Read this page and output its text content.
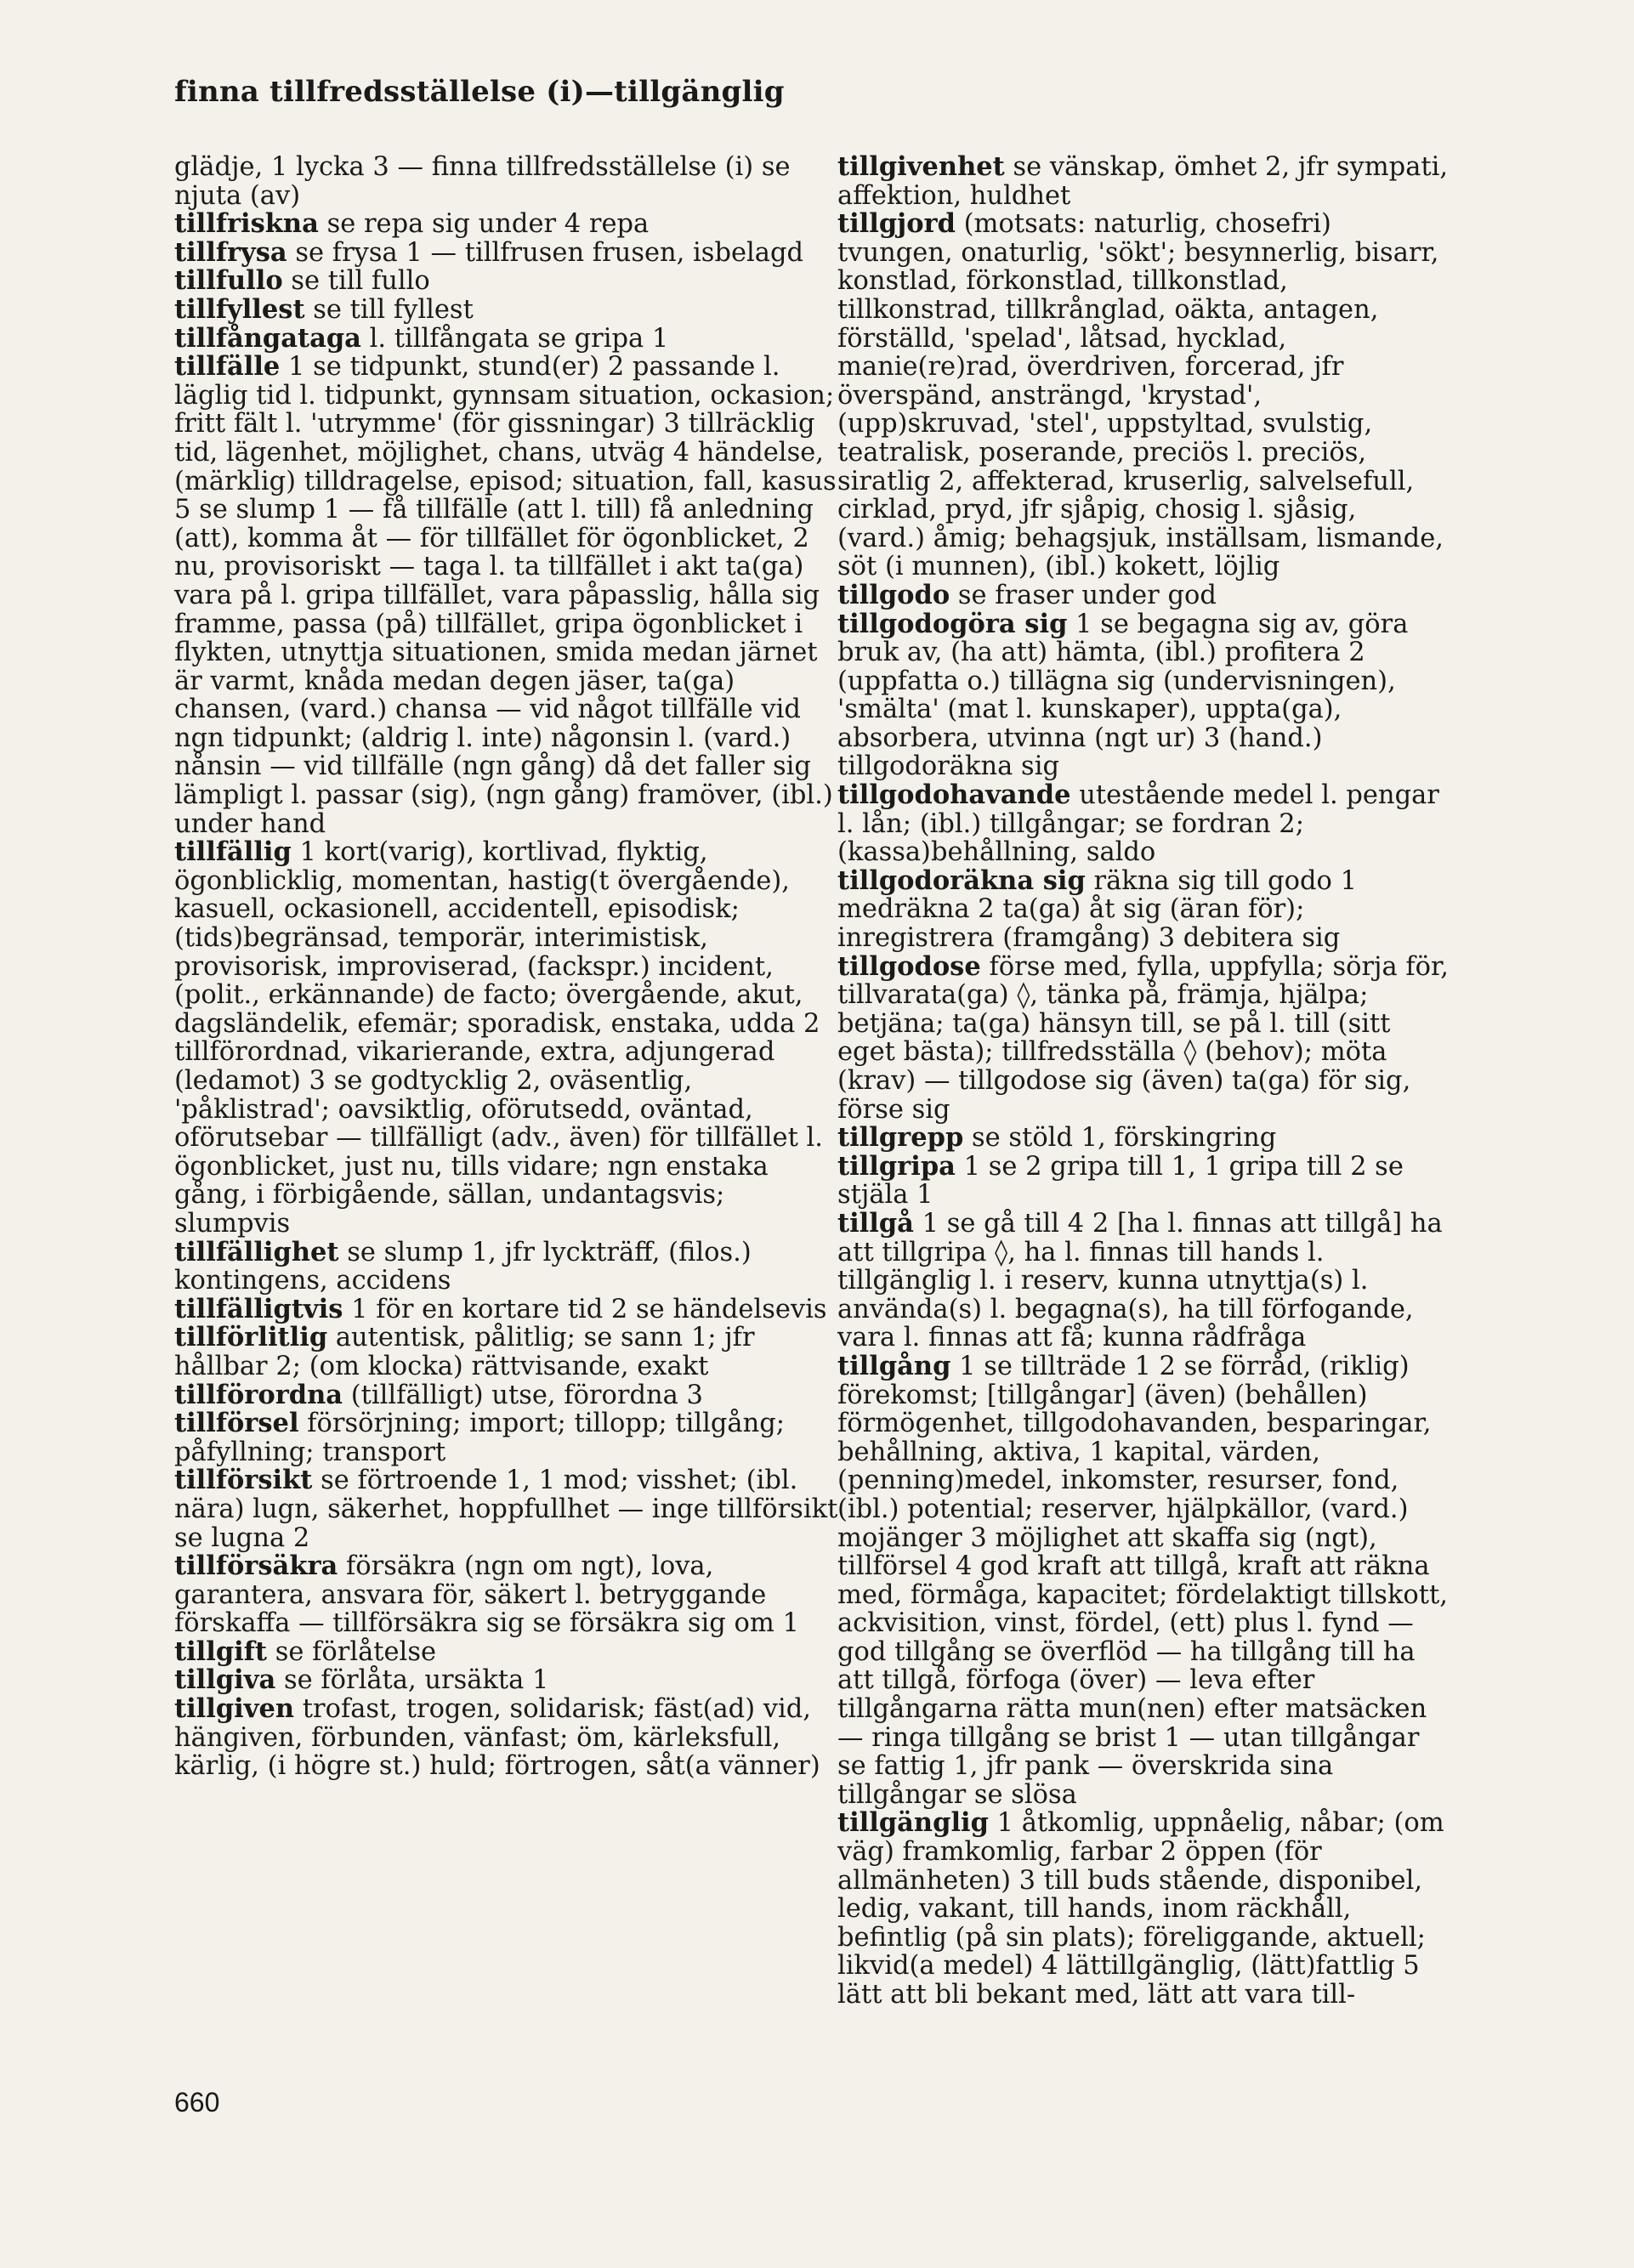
finna tillfredsställelse (i)—tillgänglig
glädje, 1 lycka 3 — finna tillfredsställelse (i) se njuta (av)
tillfriskna se repa sig under 4 repa
tillfrysa se frysa 1 — tillfrusen frusen, isbelagd
tillfullo se till fullo
tillfyllest se till fyllest
tillfångataga l. tillfångata se gripa 1
tillfälle 1 se tidpunkt, stund(er) 2 passande l. läglig tid l. tidpunkt, gynnsam situation, ockasion; fritt fält l. 'utrymme' (för gissningar) 3 tillräcklig tid, lägenhet, möjlighet, chans, utväg 4 händelse, (märklig) tilldragelse, episod; situation, fall, kasus 5 se slump 1 — få tillfälle (att l. till) få anledning (att), komma åt — för tillfället för ögonblicket, 2 nu, provisoriskt — taga l. ta tillfället i akt ta(ga) vara på l. gripa tillfället, vara påpasslig, hålla sig framme, passa (på) tillfället, gripa ögonblicket i flykten, utnyttja situationen, smida medan järnet är varmt, knåda medan degen jäser, ta(ga) chansen, (vard.) chansa — vid något tillfälle vid ngn tidpunkt; (aldrig l. inte) någonsin l. (vard.) nånsin — vid tillfälle (ngn gång) då det faller sig lämpligt l. passar (sig), (ngn gång) framöver, (ibl.) under hand
tillfällig 1 kort(varig), kortlivad, flyktig, ögonblicklig, momentan, hastig(t övergående), kasuell, ockasionell, accidentell, episodisk; (tids)begränsad, temporär, interimistisk, provisorisk, improviserad, (fackspr.) incident, (polit., erkännande) de facto; övergående, akut, dagsländelik, efemär; sporadisk, enstaka, udda 2 tillförordnad, vikarierande, extra, adjungerad (ledamot) 3 se godtycklig 2, oväsentlig, 'påklistrad'; oavsiktlig, oförutsedd, oväntad, oförutsebar — tillfälligt (adv., även) för tillfället l. ögonblicket, just nu, tills vidare; ngn enstaka gång, i förbigående, sällan, undantagsvis; slumpvis
tillfällighet se slump 1, jfr lyckträff, (filos.) kontingens, accidens
tillfälligtvis 1 för en kortare tid 2 se händelsevis
tillförlitlig autentisk, pålitlig; se sann 1; jfr hållbar 2; (om klocka) rättvisande, exakt
tillförordna (tillfälligt) utse, förordna 3
tillförsel försörjning; import; tillopp; tillgång; påfyllning; transport
tillförsikt se förtroende 1, 1 mod; visshet; (ibl. nära) lugn, säkerhet, hoppfullhet — inge tillförsikt se lugna 2
tillförsäkra försäkra (ngn om ngt), lova, garantera, ansvara för, säkert l. betryggande förskaffa — tillförsäkra sig se försäkra sig om 1
tillgift se förlåtelse
tillgiva se förlåta, ursäkta 1
tillgiven trofast, trogen, solidarisk; fäst(ad) vid, hängiven, förbunden, vänfast; öm, kärleksfull, kärlig, (i högre st.) huld; förtrogen, såt(a vänner)
tillgivenhet se vänskap, ömhet 2, jfr sympati, affektion, huldhet
tillgjord (motsats: naturlig, chosefri) tvungen, onaturlig, 'sökt'; besynnerlig, bisarr, konstlad, förkonstlad, tillkonstlad, tillkonstrad, tillkrånglad, oäkta, antagen, förställd, 'spelad', låtsad, hycklad, manie(re)rad, överdriven, forcerad, jfr överspänd, ansträngd, 'krystad', (upp)skruvad, 'stel', uppstyltad, svulstig, teatralisk, poserande, preciös l. preciös, siratlig 2, affekterad, kruserlig, salvelsefull, cirklad, pryd, jfr sjåpig, chosig l. sjåsig, (vard.) åmig; behagsjuk, inställsam, lismande, söt (i munnen), (ibl.) kokett, löjlig
tillgodo se fraser under god
tillgodogöra sig 1 se begagna sig av, göra bruk av, (ha att) hämta, (ibl.) profitera 2 (uppfatta o.) tillägna sig (undervisningen), 'smälta' (mat l. kunskaper), uppta(ga), absorbera, utvinna (ngt ur) 3 (hand.) tillgodoräkna sig
tillgodohavande utestående medel l. pengar l. lån; (ibl.) tillgångar; se fordran 2; (kassa)behållning, saldo
tillgodoräkna sig räkna sig till godo 1 medräkna 2 ta(ga) åt sig (äran för); inregistrera (framgång) 3 debitera sig
tillgodose förse med, fylla, uppfylla; sörja för, tillvarata(ga) ◊, tänka på, främja, hjälpa; betjäna; ta(ga) hänsyn till, se på l. till (sitt eget bästa); tillfredsställa ◊ (behov); möta (krav) — tillgodose sig (även) ta(ga) för sig, förse sig
tillgrepp se stöld 1, förskingring
tillgripa 1 se 2 gripa till 1, 1 gripa till 2 se stjäla 1
tillgå 1 se gå till 4 2 [ha l. finnas att tillgå] ha att tillgripa ◊, ha l. finnas till hands l. tillgänglig l. i reserv, kunna utnyttja(s) l. använda(s) l. begagna(s), ha till förfogande, vara l. finnas att få; kunna rådfråga
tillgång 1 se tillträde 1 2 se förråd, (riklig) förekomst; [tillgångar] (även) (behållen) förmögenhet, tillgodohavanden, besparingar, behållning, aktiva, 1 kapital, värden, (penning)medel, inkomster, resurser, fond, (ibl.) potential; reserver, hjälpkällor, (vard.) mojänger 3 möjlighet att skaffa sig (ngt), tillförsel 4 god kraft att tillgå, kraft att räkna med, förmåga, kapacitet; fördelaktigt tillskott, ackvisition, vinst, fördel, (ett) plus l. fynd — god tillgång se överflöd — ha tillgång till ha att tillgå, förfoga (över) — leva efter tillgångarna rätta mun(nen) efter matsäcken — ringa tillgång se brist 1 — utan tillgångar se fattig 1, jfr pank — överskrida sina tillgångar se slösa
tillgänglig 1 åtkomlig, uppnåelig, nåbar; (om väg) framkomlig, farbar 2 öppen (för allmänheten) 3 till buds stående, disponibel, ledig, vakant, till hands, inom räckhåll, befintlig (på sin plats); föreliggande, aktuell; likvid(a medel) 4 lättillgänglig, (lätt)fattlig 5 lätt att bli bekant med, lätt att vara till-
660
